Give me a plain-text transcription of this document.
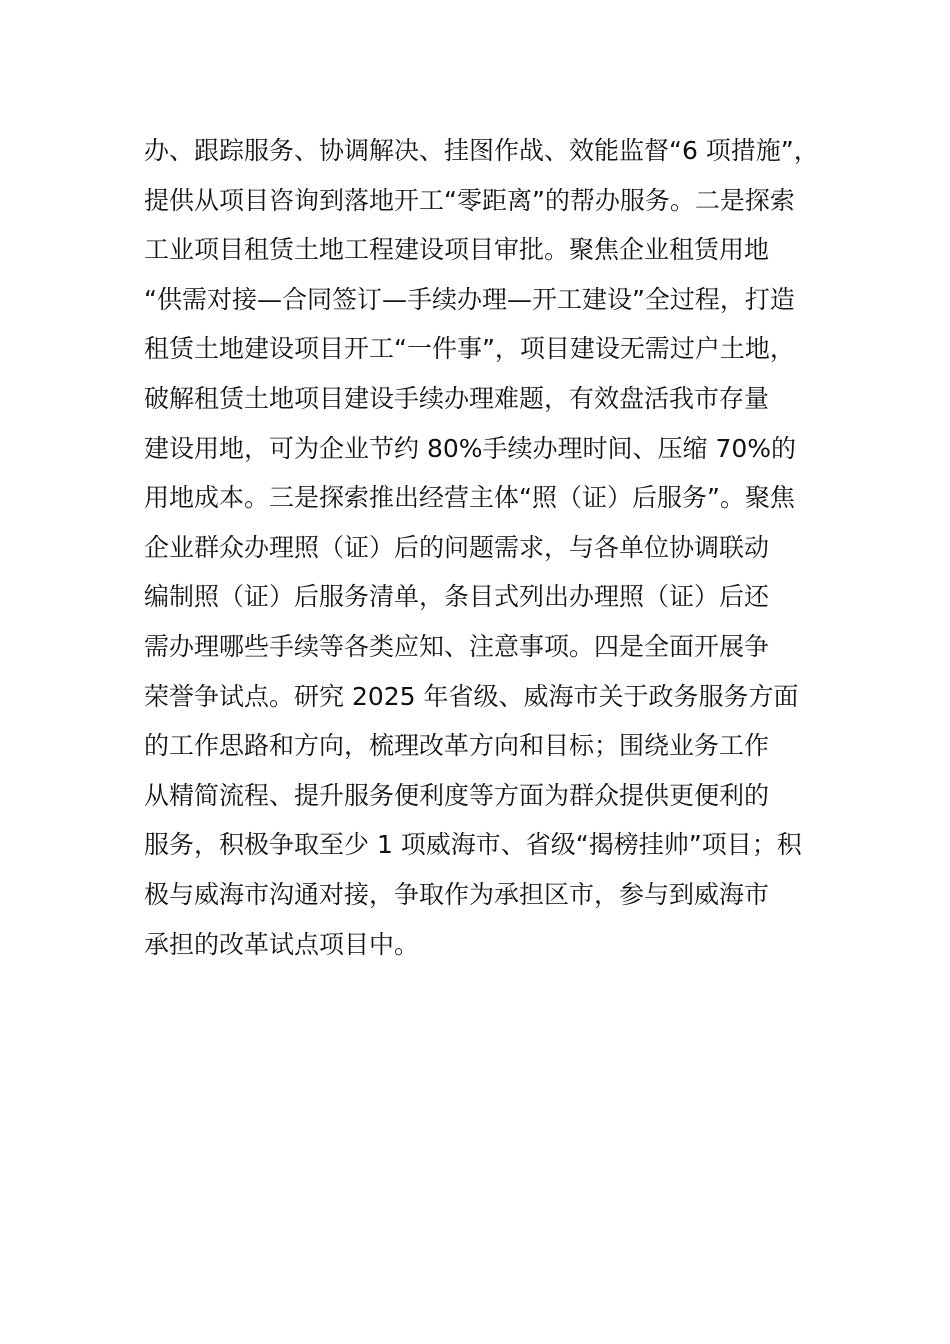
办、跟踪服务、协调解决、挂图作战、效能监督“6 项措施”，
提供从项目咨询到落地开工“零距离”的帮办服务。二是探索
工业项目租赁土地工程建设项目审批。聚焦企业租赁用地
“供需对接—合同签订—手续办理—开工建设”全过程，打造
租赁土地建设项目开工“一件事”，项目建设无需过户土地，
破解租赁土地项目建设手续办理难题，有效盘活我市存量
建设用地，可为企业节约 80%手续办理时间、压缩 70%的
用地成本。三是探索推出经营主体“照（证）后服务”。聚焦
企业群众办理照（证）后的问题需求，与各单位协调联动
编制照（证）后服务清单，条目式列出办理照（证）后还
需办理哪些手续等各类应知、注意事项。四是全面开展争
荣誉争试点。研究 2025 年省级、威海市关于政务服务方面
的工作思路和方向，梳理改革方向和目标；围绕业务工作
从精简流程、提升服务便利度等方面为群众提供更便利的
服务，积极争取至少 1 项威海市、省级“揭榜挂帅”项目；积
极与威海市沟通对接，争取作为承担区市，参与到威海市
承担的改革试点项目中。
